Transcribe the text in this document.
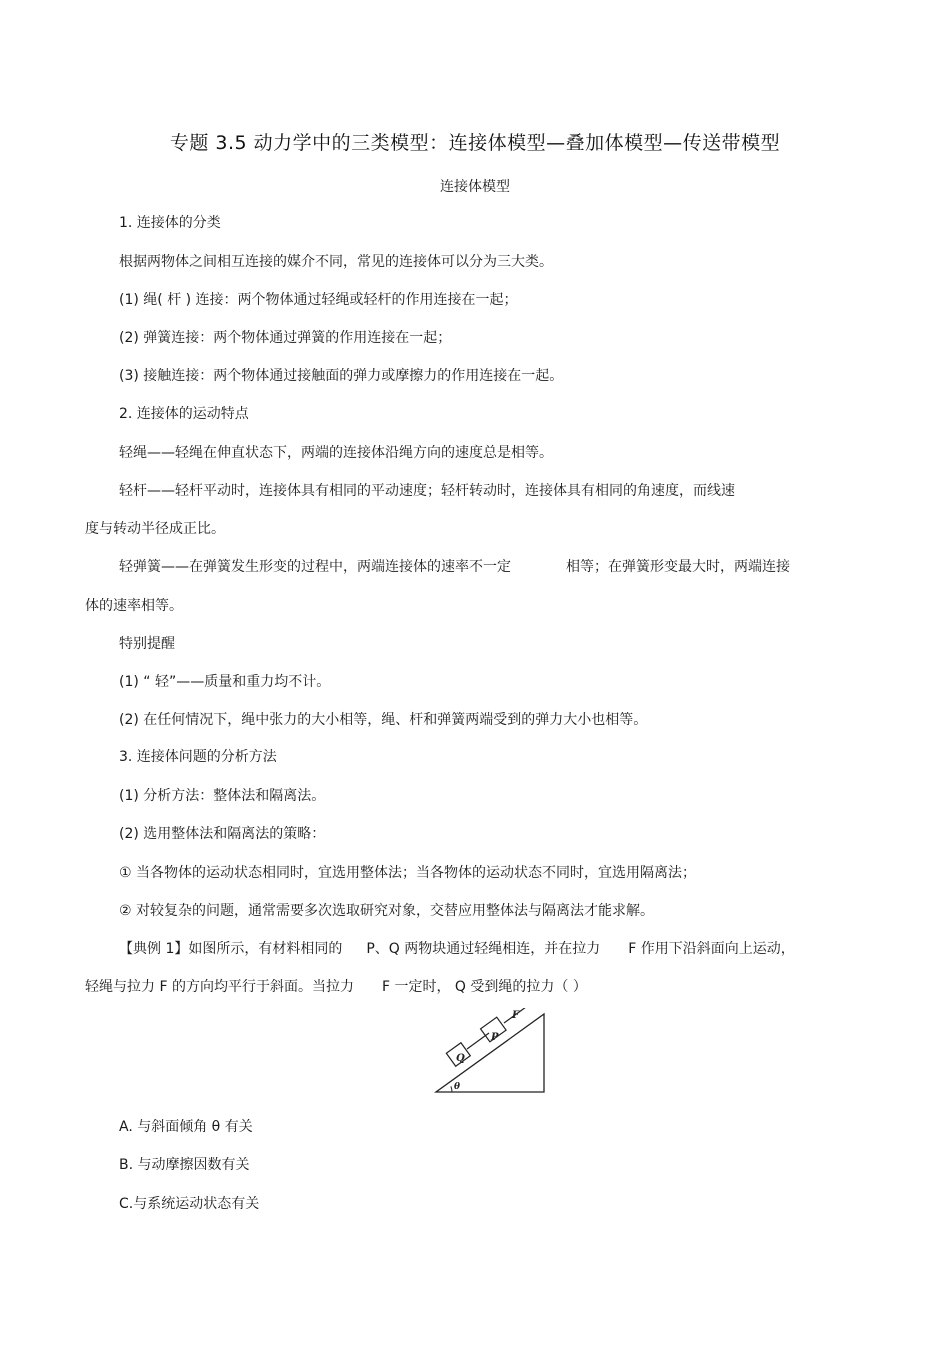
专题 3.5 动力学中的三类模型：连接体模型—叠加体模型—传送带模型
连接体模型
1. 连接体的分类
根据两物体之间相互连接的媒介不同，常见的连接体可以分为三大类。
(1) 绳( 杆 ) 连接：两个物体通过轻绳或轻杆的作用连接在一起；
(2) 弹簧连接：两个物体通过弹簧的作用连接在一起；
(3) 接触连接：两个物体通过接触面的弹力或摩擦力的作用连接在一起。
2. 连接体的运动特点
轻绳——轻绳在伸直状态下，两端的连接体沿绳方向的速度总是相等。
轻杆——轻杆平动时，连接体具有相同的平动速度；轻杆转动时，连接体具有相同的角速度，而线速
度与转动半径成正比。
轻弹簧——在弹簧发生形变的过程中，两端连接体的速率不一定	相等；在弹簧形变最大时，两端连接
体的速率相等。
特别提醒
(1) “ 轻”——质量和重力均不计。
(2) 在任何情况下，绳中张力的大小相等，绳、杆和弹簧两端受到的弹力大小也相等。
3. 连接体问题的分析方法
(1) 分析方法：整体法和隔离法。
(2) 选用整体法和隔离法的策略：
① 当各物体的运动状态相同时，宜选用整体法；当各物体的运动状态不同时，宜选用隔离法；
② 对较复杂的问题，通常需要多次选取研究对象，交替应用整体法与隔离法才能求解。
【典例 1】如图所示，有材料相同的 P、Q 两物块通过轻绳相连，并在拉力 F 作用下沿斜面向上运动，
轻绳与拉力 F 的方向均平行于斜面。当拉力 F 一定时， Q 受到绳的拉力（ ）
F
P
Q
θ
A. 与斜面倾角 θ 有关
B. 与动摩擦因数有关
C.与系统运动状态有关
